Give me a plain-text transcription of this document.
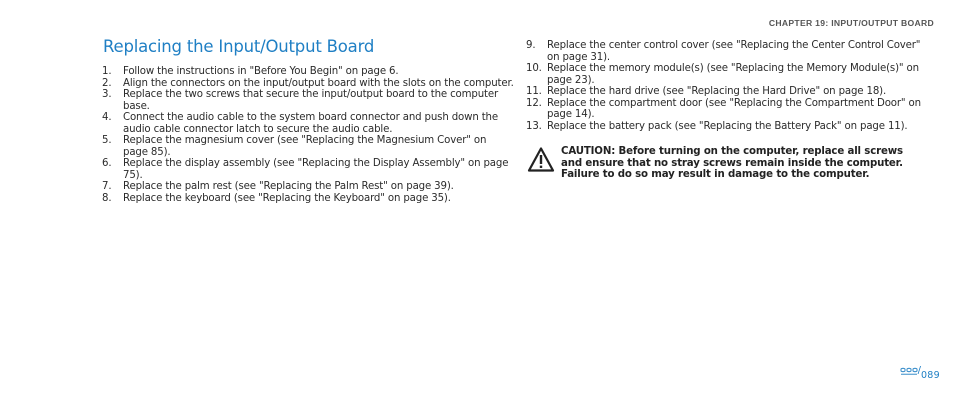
CHAPTER 19: INPUT/OUTPUT BOARD
Replacing the Input/Output Board
1.	Follow the instructions in "Before You Begin" on page 6.
2.	Align the connectors on the input/output board with the slots on the computer.
3.	Replace the two screws that secure the input/output board to the computer base.
4.	Connect the audio cable to the system board connector and push down the audio cable connector latch to secure the audio cable.
5.	Replace the magnesium cover (see "Replacing the Magnesium Cover" on page 85).
6.	Replace the display assembly (see "Replacing the Display Assembly" on page 75).
7.	Replace the palm rest (see "Replacing the Palm Rest" on page 39).
8.	Replace the keyboard (see "Replacing the Keyboard" on page 35).
9.	Replace the center control cover (see "Replacing the Center Control Cover" on page 31).
10. Replace the memory module(s) (see "Replacing the Memory Module(s)" on page 23).
11. Replace the hard drive (see "Replacing the Hard Drive" on page 18).
12. Replace the compartment door (see "Replacing the Compartment Door" on page 14).
13. Replace the battery pack (see "Replacing the Battery Pack" on page 11).
CAUTION: Before turning on the computer, replace all screws and ensure that no stray screws remain inside the computer. Failure to do so may result in damage to the computer.
/ 089
